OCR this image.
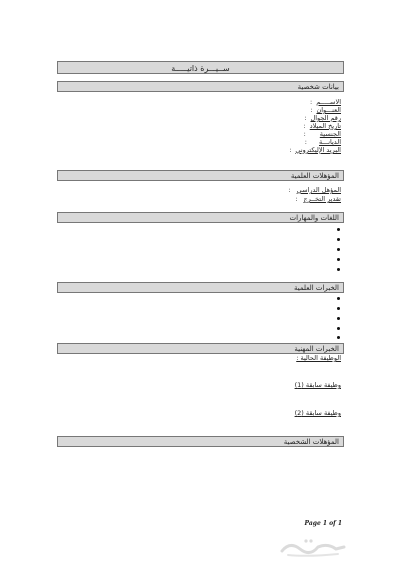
ســيـــرة ذاتيـــــة
بيانات شخصية
الاســـــم:
العنـــوان:
رقم الجوال:
تاريخ الميلاد:
الجنسية:
الديانـــة:
البريد الإليكتروني:
المؤهلات العلمية
المؤهل الدراسي:
تقدير التخــرج:
اللغات والمهارات
الخبرات العلمية
الخبرات المهنية
الوظيفة الحالية :
وظيفة سابقة (1)
وظيفة سابقة (2)
المؤهلات الشخصية
Page 1 of 1
